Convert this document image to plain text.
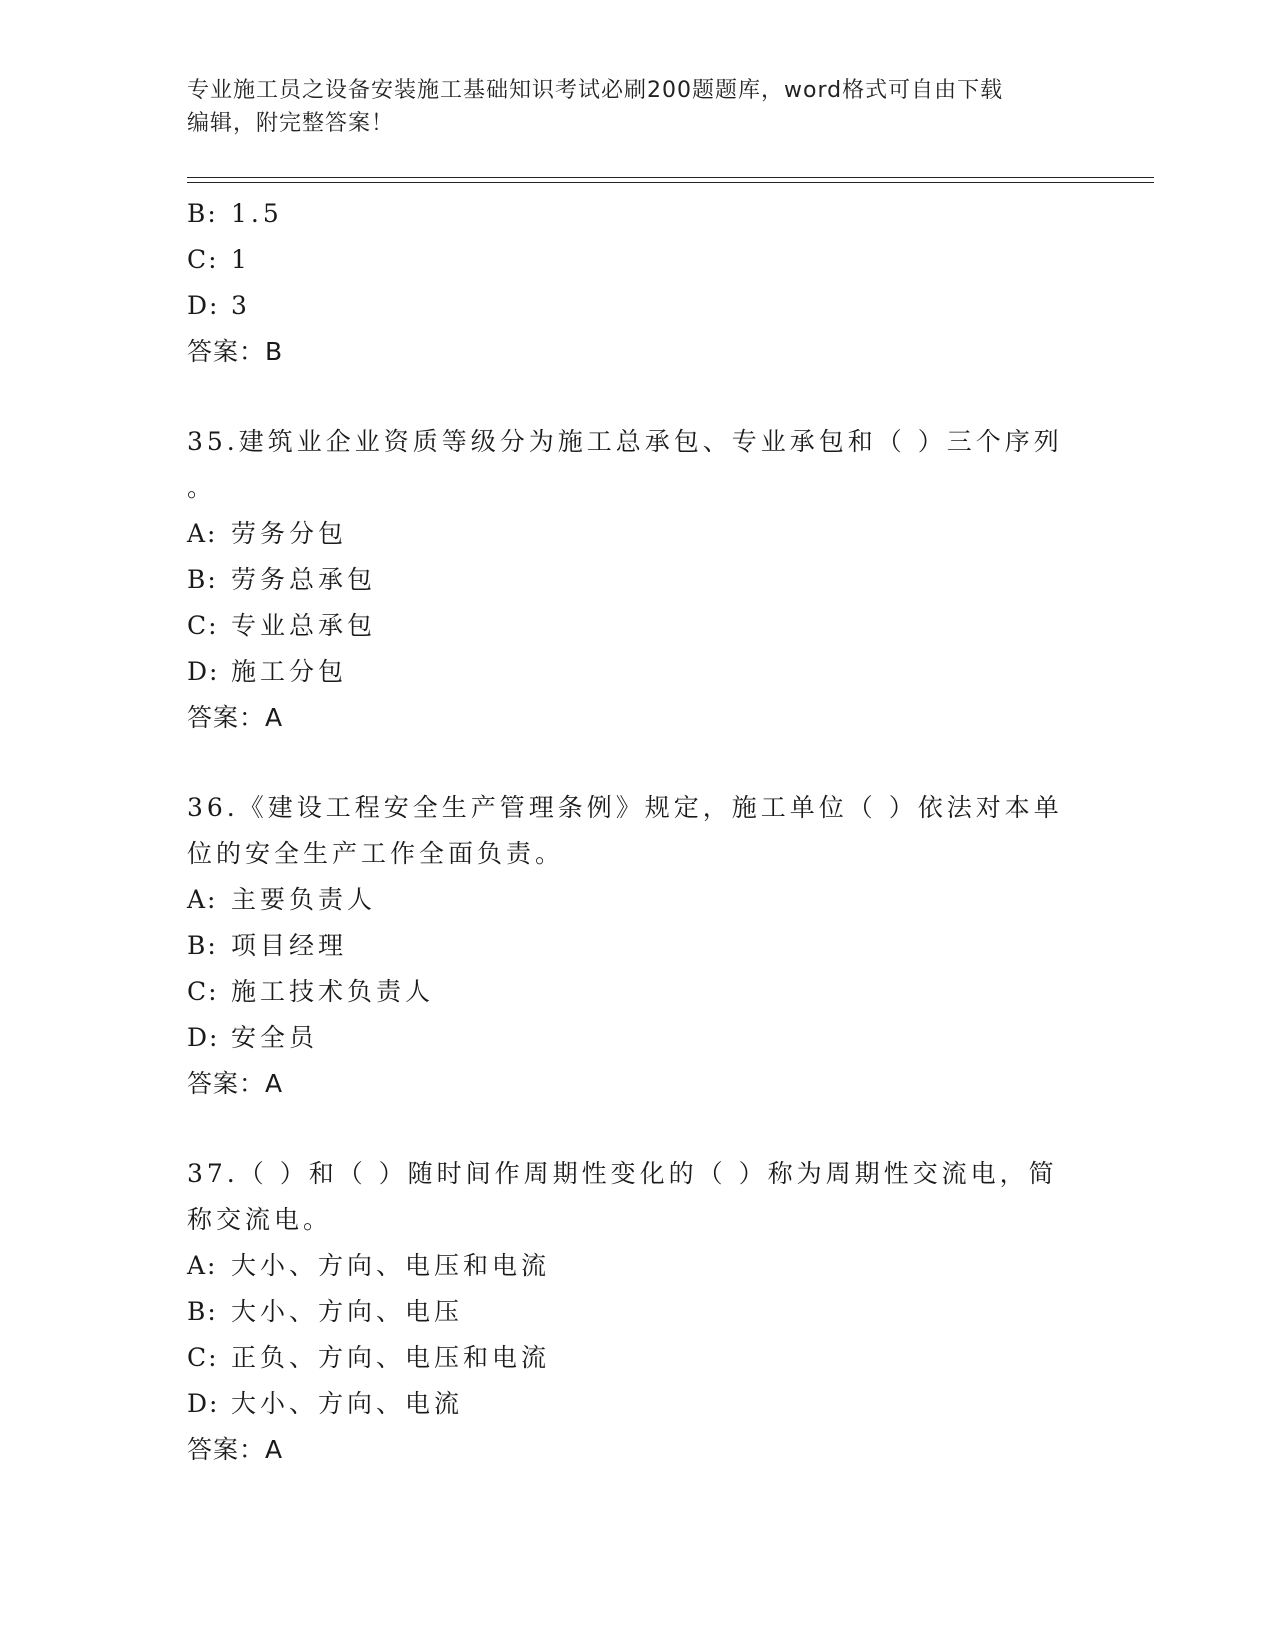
专业施工员之设备安装施工基础知识考试必刷200题题库，word格式可自由下载
编辑，附完整答案！
B: 1.5
C: 1
D: 3
答案：B
35.建筑业企业资质等级分为施工总承包、专业承包和（ ）三个序列
。
A: 劳务分包
B: 劳务总承包
C: 专业总承包
D: 施工分包
答案：A
36.《建设工程安全生产管理条例》规定，施工单位（ ）依法对本单
位的安全生产工作全面负责。
A: 主要负责人
B: 项目经理
C: 施工技术负责人
D: 安全员
答案：A
37.（ ）和（ ）随时间作周期性变化的（ ）称为周期性交流电，简
称交流电。
A: 大小、方向、电压和电流
B: 大小、方向、电压
C: 正负、方向、电压和电流
D: 大小、方向、电流
答案：A
